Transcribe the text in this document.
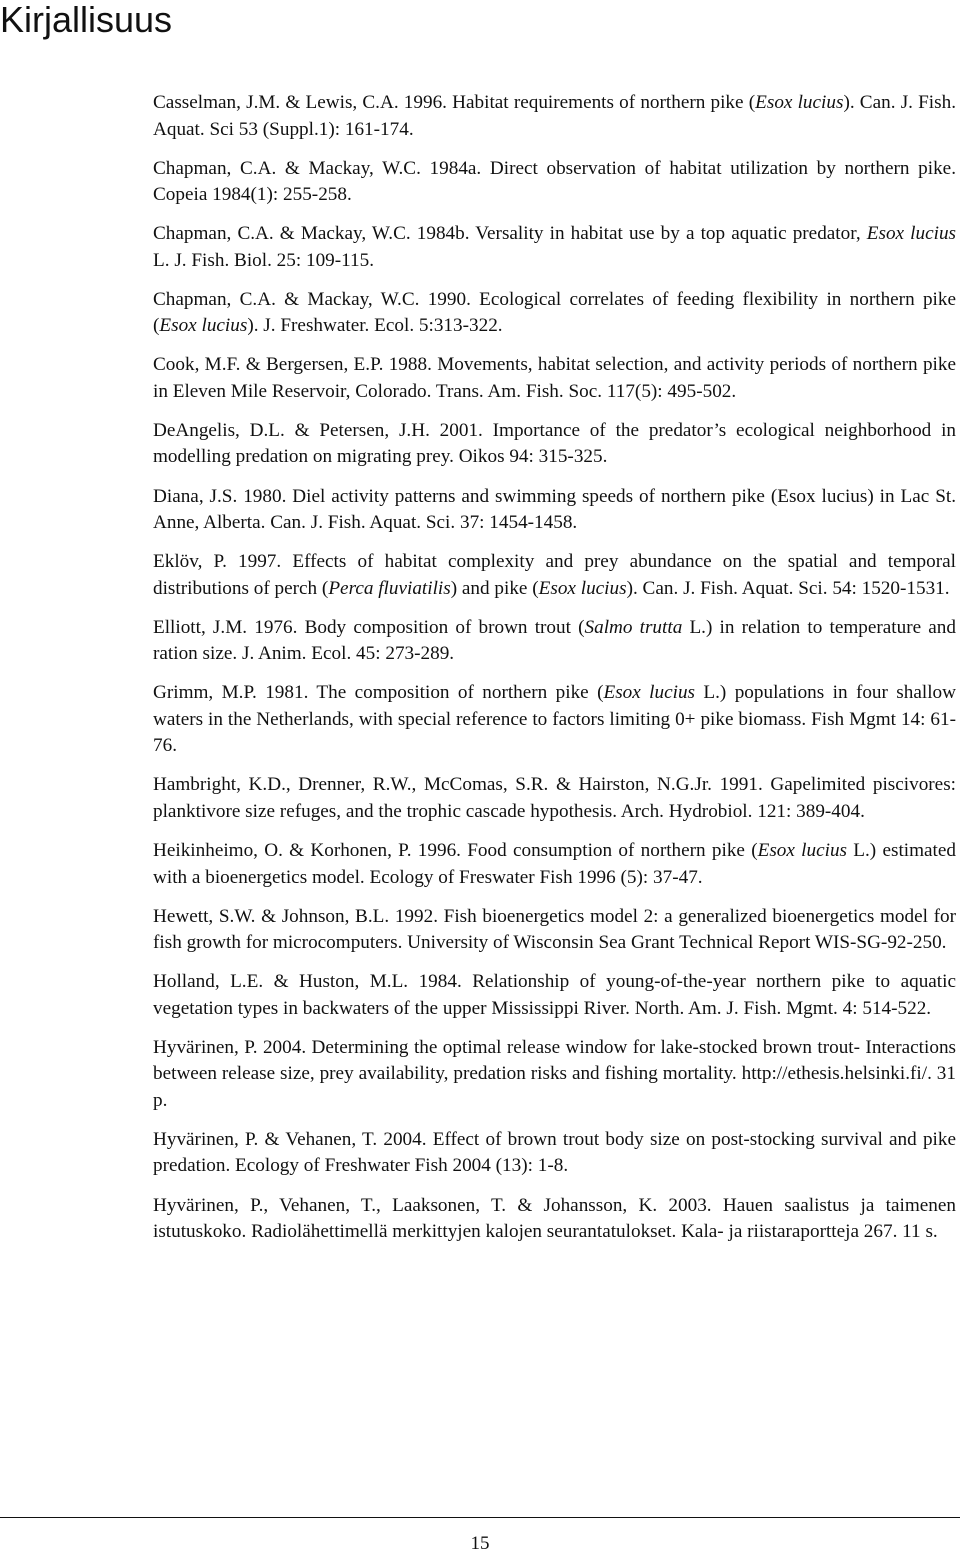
Kirjallisuus
Casselman, J.M. & Lewis, C.A. 1996. Habitat requirements of northern pike (Esox lucius). Can. J. Fish. Aquat. Sci 53 (Suppl.1): 161-174.
Chapman, C.A. & Mackay, W.C. 1984a. Direct observation of habitat utilization by northern pike. Copeia 1984(1): 255-258.
Chapman, C.A. & Mackay, W.C. 1984b. Versality in habitat use by a top aquatic predator, Esox lucius L. J. Fish. Biol. 25: 109-115.
Chapman, C.A. & Mackay, W.C. 1990. Ecological correlates of feeding flexibility in northern pike (Esox lucius). J. Freshwater. Ecol. 5:313-322.
Cook, M.F. & Bergersen, E.P. 1988. Movements, habitat selection, and activity periods of northern pike in Eleven Mile Reservoir, Colorado. Trans. Am. Fish. Soc. 117(5): 495-502.
DeAngelis, D.L. & Petersen, J.H. 2001. Importance of the predator’s ecological neighborhood in modelling predation on migrating prey. Oikos 94: 315-325.
Diana, J.S. 1980. Diel activity patterns and swimming speeds of northern pike (Esox lucius) in Lac St. Anne, Alberta. Can. J. Fish. Aquat. Sci. 37: 1454-1458.
Eklöv, P. 1997. Effects of habitat complexity and prey abundance on the spatial and temporal distributions of perch (Perca fluviatilis) and pike (Esox lucius). Can. J. Fish. Aquat. Sci. 54: 1520-1531.
Elliott, J.M. 1976. Body composition of brown trout (Salmo trutta L.) in relation to temperature and ration size. J. Anim. Ecol. 45: 273-289.
Grimm, M.P. 1981. The composition of northern pike (Esox lucius L.) populations in four shallow waters in the Netherlands, with special reference to factors limiting 0+ pike biomass. Fish Mgmt 14: 61-76.
Hambright, K.D., Drenner, R.W., McComas, S.R. & Hairston, N.G.Jr. 1991. Gapelimited piscivores: planktivore size refuges, and the trophic cascade hypothesis. Arch. Hydrobiol. 121: 389-404.
Heikinheimo, O. & Korhonen, P. 1996. Food consumption of northern pike (Esox lucius L.) estimated with a bioenergetics model. Ecology of Freswater Fish 1996 (5): 37-47.
Hewett, S.W. & Johnson, B.L. 1992. Fish bioenergetics model 2: a generalized bioenergetics model for fish growth for microcomputers. University of Wisconsin Sea Grant Technical Report WIS-SG-92-250.
Holland, L.E. & Huston, M.L. 1984. Relationship of young-of-the-year northern pike to aquatic vegetation types in backwaters of the upper Mississippi River. North. Am. J. Fish. Mgmt. 4: 514-522.
Hyvärinen, P. 2004. Determining the optimal release window for lake-stocked brown trout- Interactions between release size, prey availability, predation risks and fishing mortality. http://ethesis.helsinki.fi/. 31 p.
Hyvärinen, P. & Vehanen, T. 2004. Effect of brown trout body size on post-stocking survival and pike predation. Ecology of Freshwater Fish 2004 (13): 1-8.
Hyvärinen, P., Vehanen, T., Laaksonen, T. & Johansson, K. 2003. Hauen saalistus ja taimenen istutuskoko. Radiolähettimellä merkittyjen kalojen seurantatulokset. Kala- ja riistaraportteja 267. 11 s.
15
